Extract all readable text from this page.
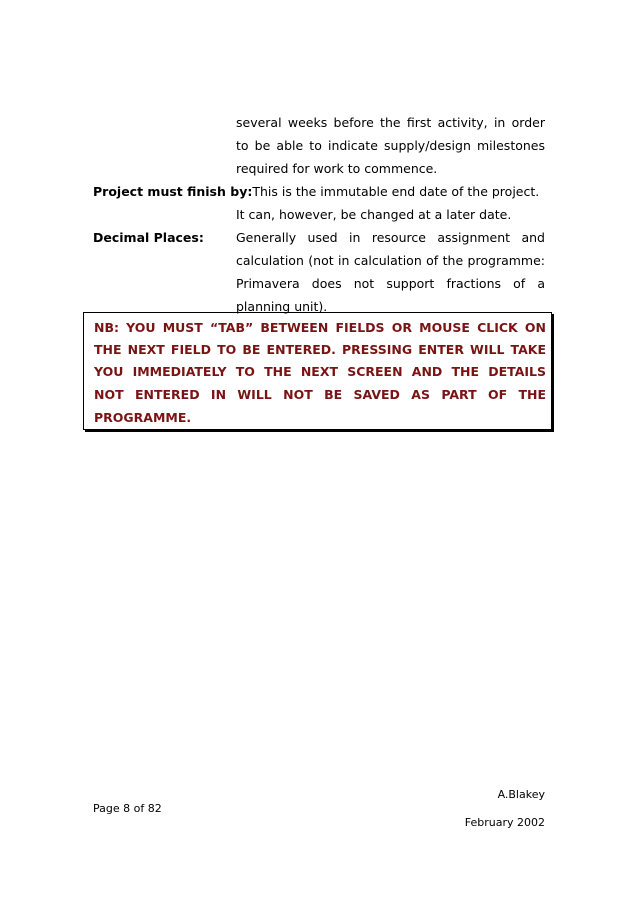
several weeks before the first activity, in order
to be able to indicate supply/design milestones
required for work to commence.
Project must finish by:This is the immutable end date of the project.
It can, however, be changed at a later date.
Decimal Places:	Generally used in resource assignment and
calculation (not in calculation of the programme:
Primavera does not support fractions of a
planning unit).
NB: YOU MUST “TAB” BETWEEN FIELDS OR MOUSE CLICK ON
THE NEXT FIELD TO BE ENTERED. PRESSING ENTER WILL TAKE
YOU IMMEDIATELY TO THE NEXT SCREEN AND THE DETAILS
NOT ENTERED IN WILL NOT BE SAVED AS PART OF THE
PROGRAMME.
A.Blakey
Page 8 of 82
February 2002
